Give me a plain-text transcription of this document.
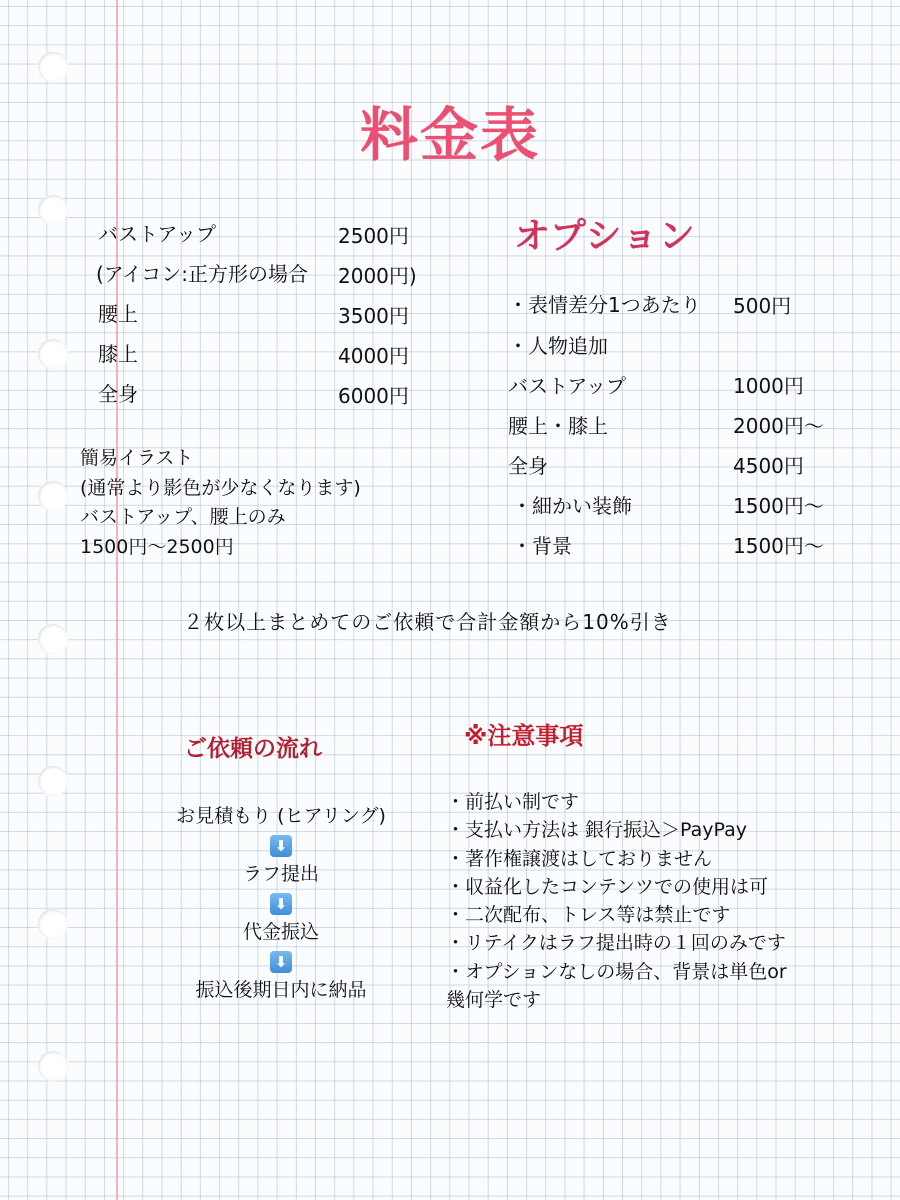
料金表
バストアップ	2500円
(アイコン:正方形の場合 2000円)
腰上	3500円
膝上	4000円
全身	6000円
簡易イラスト
(通常より影色が少なくなります)
バストアップ、腰上のみ
1500円〜2500円
オプション
・表情差分1つあたり 500円
・人物追加
バストアップ	1000円
腰上・膝上	2000円〜
全身	4500円
・細かい装飾	1500円〜
・背景	1500円〜
２枚以上まとめてのご依頼で合計金額から10%引き
ご依頼の流れ
お見積もり (ヒアリング)
⬇
ラフ提出
⬇
代金振込
⬇
振込後期日内に納品
※注意事項
・前払い制です
・支払い方法は 銀行振込＞PayPay
・著作権譲渡はしておりません
・収益化したコンテンツでの使用は可
・二次配布、トレス等は禁止です
・リテイクはラフ提出時の１回のみです
・オプションなしの場合、背景は単色or幾何学です
